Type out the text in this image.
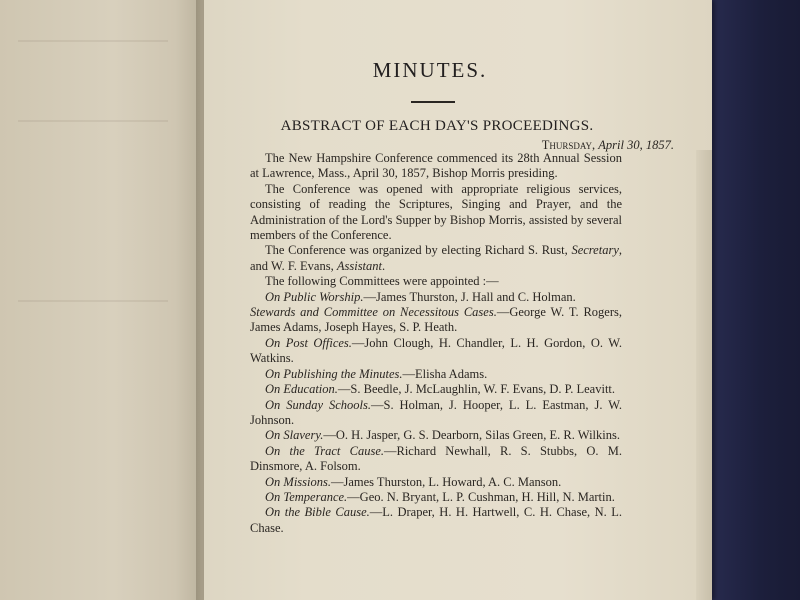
MINUTES.
ABSTRACT OF EACH DAY'S PROCEEDINGS.
Thursday, April 30, 1857.

The New Hampshire Conference commenced its 28th Annual Session at Lawrence, Mass., April 30, 1857, Bishop Morris presiding.

The Conference was opened with appropriate religious services, consisting of reading the Scriptures, Singing and Prayer, and the Administration of the Lord's Supper by Bishop Morris, assisted by several members of the Conference.

The Conference was organized by electing Richard S. Rust, Secretary, and W. F. Evans, Assistant.

The following Committees were appointed :—

On Public Worship.—James Thurston, J. Hall and C. Holman.

Stewards and Committee on Necessitous Cases.—George W. T. Rogers, James Adams, Joseph Hayes, S. P. Heath.

On Post Offices.—John Clough, H. Chandler, L. H. Gordon, O. W. Watkins.

On Publishing the Minutes.—Elisha Adams.

On Education.—S. Beedle, J. McLaughlin, W. F. Evans, D. P. Leavitt.

On Sunday Schools.—S. Holman, J. Hooper, L. L. Eastman, J. W. Johnson.

On Slavery.—O. H. Jasper, G. S. Dearborn, Silas Green, E. R. Wilkins.

On the Tract Cause.—Richard Newhall, R. S. Stubbs, O. M. Dinsmore, A. Folsom.

On Missions.—James Thurston, L. Howard, A. C. Manson.

On Temperance.—Geo. N. Bryant, L. P. Cushman, H. Hill, N. Martin.

On the Bible Cause.—L. Draper, H. H. Hartwell, C. H. Chase, N. L. Chase.
